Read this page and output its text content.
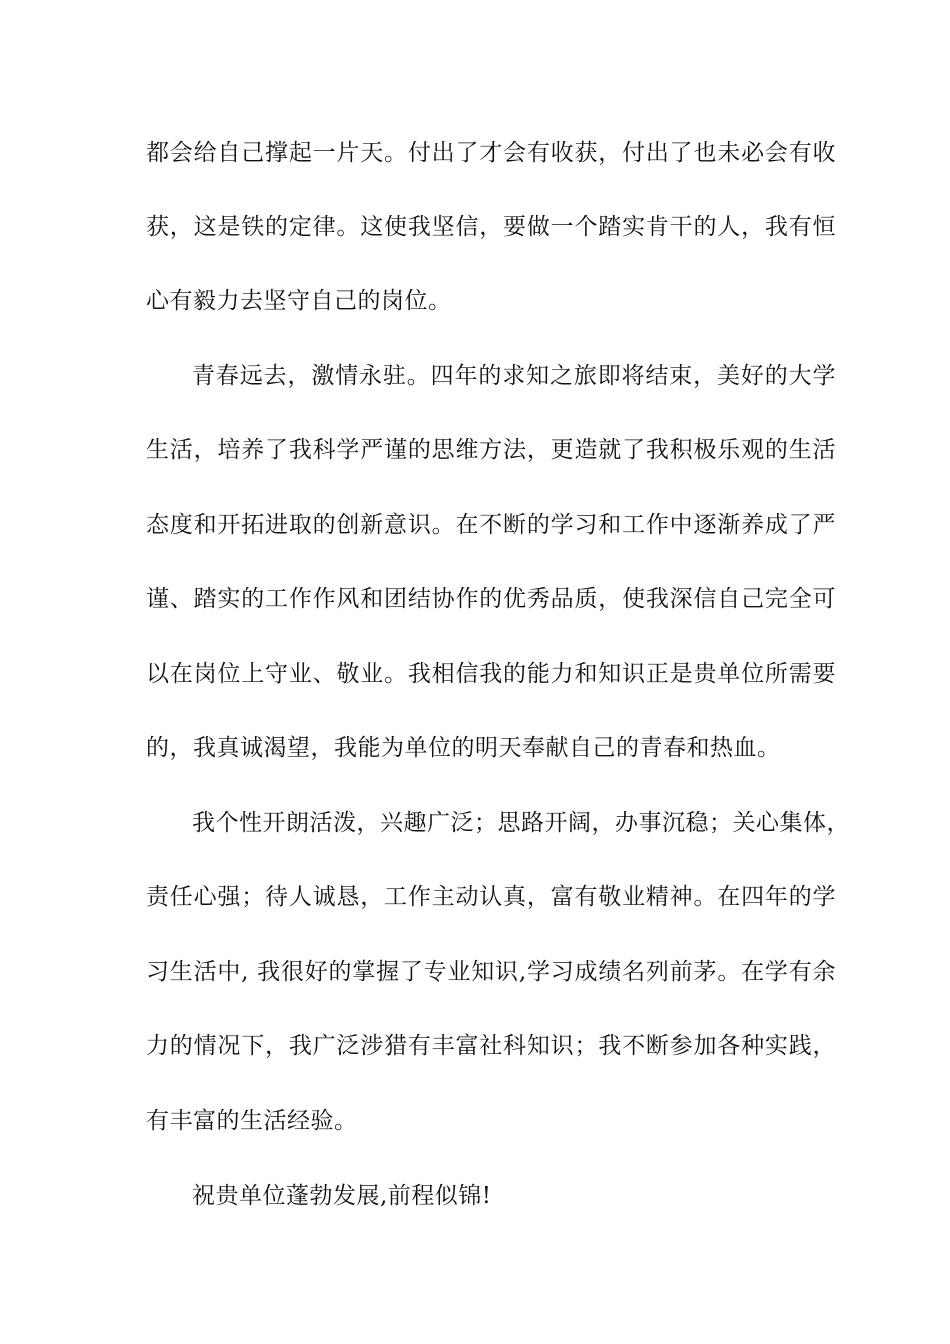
都会给自己撑起一片天。付出了才会有收获，付出了也未必会有收
获，这是铁的定律。这使我坚信，要做一个踏实肯干的人，我有恒
心有毅力去坚守自己的岗位。
青春远去，激情永驻。四年的求知之旅即将结束，美好的大学
生活，培养了我科学严谨的思维方法，更造就了我积极乐观的生活
态度和开拓进取的创新意识。在不断的学习和工作中逐渐养成了严
谨、踏实的工作作风和团结协作的优秀品质，使我深信自己完全可
以在岗位上守业、敬业。我相信我的能力和知识正是贵单位所需要
的，我真诚渴望，我能为单位的明天奉献自己的青春和热血。
我个性开朗活泼，兴趣广泛；思路开阔，办事沉稳；关心集体，
责任心强；待人诚恳，工作主动认真，富有敬业精神。在四年的学
习生活中, 我很好的掌握了专业知识,学习成绩名列前茅。在学有余
力的情况下，我广泛涉猎有丰富社科知识；我不断参加各种实践，
有丰富的生活经验。
祝贵单位蓬勃发展,前程似锦!
